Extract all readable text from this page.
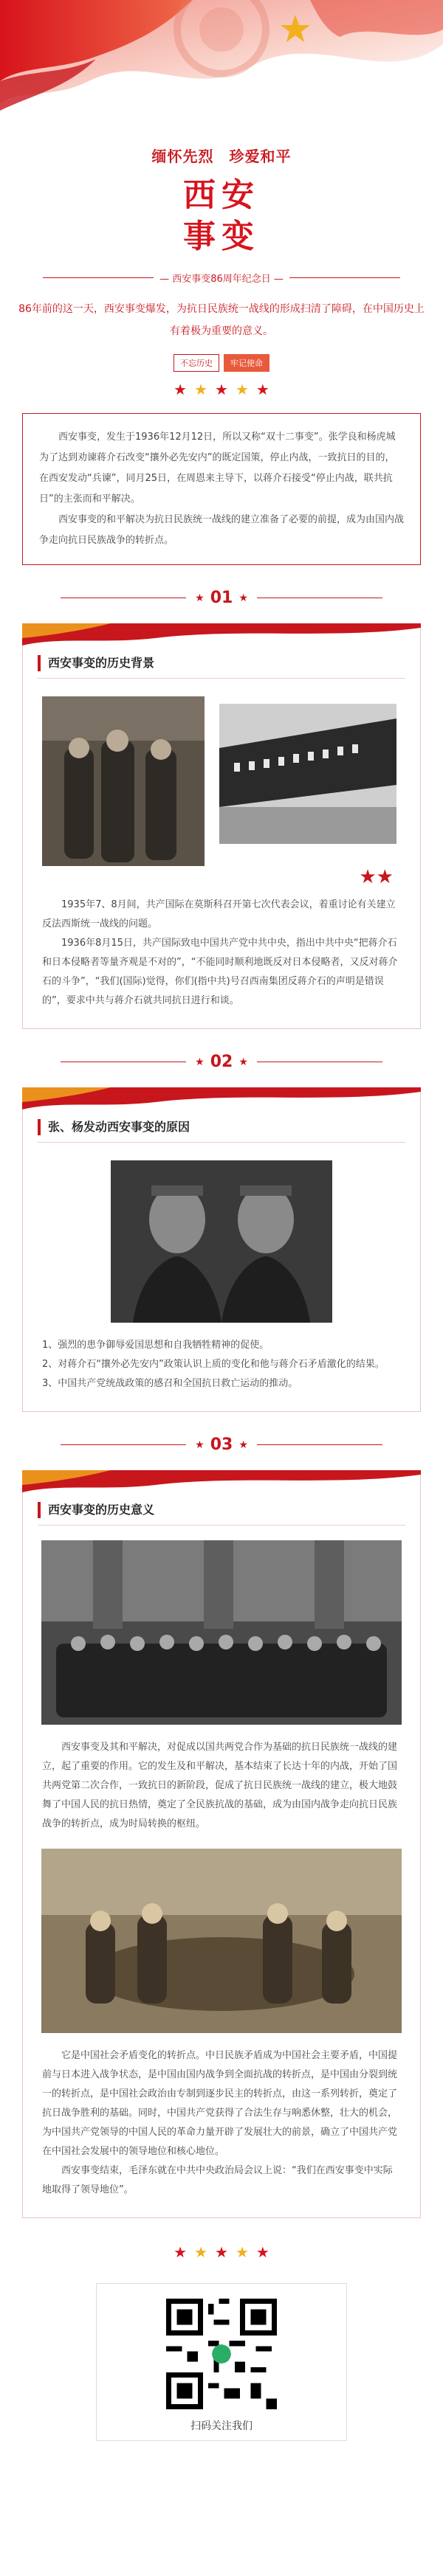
缅怀先烈　珍爱和平
西安
事变
— 西安事变86周年纪念日 —
86年前的这一天，西安事变爆发，为抗日民族统一战线的形成扫清了障碍，在中国历史上有着极为重要的意义。
不忘历史	牢记使命
★ ★ ★ ★ ★

西安事变，发生于1936年12月12日，所以又称“双十二事变”。张学良和杨虎城为了达到劝谏蒋介石改变“攘外必先安内”的既定国策，停止内战，一致抗日的目的，在西安发动“兵谏”，同月25日，在周恩来主导下，以蒋介石接受“停止内战，联共抗日”的主张而和平解决。

西安事变的和平解决为抗日民族统一战线的建立准备了必要的前提，成为由国内战争走向抗日民族战争的转折点。

★ 01 ★
西安事变的历史背景
★★

1935年7、8月间，共产国际在莫斯科召开第七次代表会议，着重讨论有关建立反法西斯统一战线的问题。

1936年8月15日，共产国际致电中国共产党中共中央，指出中共中央“把蒋介石和日本侵略者等量齐观是不对的”，“不能同时顺利地既反对日本侵略者，又反对蒋介石的斗争”，“我们(国际)觉得，你们(指中共)号召西南集团反蒋介石的声明是错误的”，要求中共与蒋介石就共同抗日进行和谈。

★ 02 ★
张、杨发动西安事变的原因
1、强烈的患争御辱爱国思想和自我牺牲精神的促使。
2、对蒋介石“攘外必先安内”政策认识上质的变化和他与蒋介石矛盾激化的结果。
3、中国共产党统战政策的感召和全国抗日救亡运动的推动。
★ 03 ★
西安事变的历史意义

西安事变及其和平解决，对促成以国共两党合作为基础的抗日民族统一战线的建立，起了重要的作用。它的发生及和平解决，基本结束了长达十年的内战，开始了国共两党第二次合作，一致抗日的新阶段，促成了抗日民族统一战线的建立，极大地鼓舞了中国人民的抗日热情，奠定了全民族抗战的基础，成为由国内战争走向抗日民族战争的转折点，成为时局转换的枢纽。

它是中国社会矛盾变化的转折点。中日民族矛盾成为中国社会主要矛盾，中国提前与日本进入战争状态，是中国由国内战争到全面抗战的转折点，是中国由分裂到统一的转折点，是中国社会政治由专制到逐步民主的转折点，由这一系列转折，奠定了抗日战争胜利的基础。同时，中国共产党获得了合法生存与响悉休整，壮大的机会，为中国共产党领导的中国人民的革命力量开辟了发展壮大的前景，确立了中国共产党在中国社会发展中的领导地位和核心地位。

西安事变结束，毛泽东就在中共中央政治局会议上说：“我们在西安事变中实际地取得了领导地位”。

★ ★ ★ ★ ★
扫码关注我们
